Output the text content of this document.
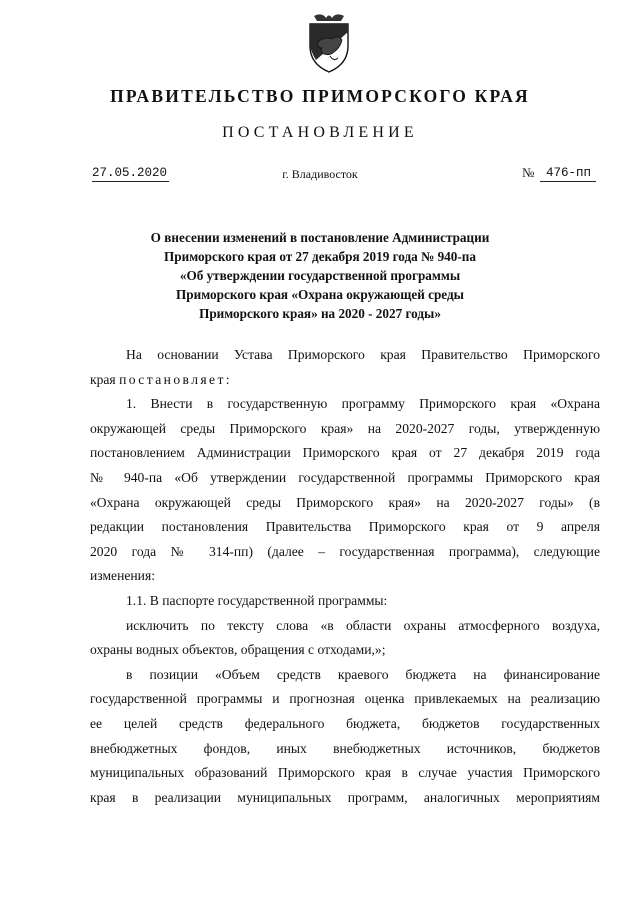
ПРАВИТЕЛЬСТВО ПРИМОРСКОГО КРАЯ
ПОСТАНОВЛЕНИЕ
27.05.2020	г. Владивосток	№ 476-пп
О внесении изменений в постановление Администрации
Приморского края от 27 декабря 2019 года № 940-па
«Об утверждении государственной программы
Приморского края «Охрана окружающей среды
Приморского края» на 2020 - 2027 годы»
На основании Устава Приморского края Правительство Приморского
края постановляет:
1. Внести в государственную программу Приморского края «Охрана
окружающей среды Приморского края» на 2020-2027 годы, утвержденную
постановлением Администрации Приморского края от 27 декабря 2019 года
№ 940-па «Об утверждении государственной программы Приморского края
«Охрана окружающей среды Приморского края» на 2020-2027 годы» (в
редакции постановления Правительства Приморского края от 9 апреля
2020 года № 314-пп) (далее – государственная программа), следующие
изменения:
1.1. В паспорте государственной программы:
исключить по тексту слова «в области охраны атмосферного воздуха,
охраны водных объектов, обращения с отходами,»;
в позиции «Объем средств краевого бюджета на финансирование
государственной программы и прогнозная оценка привлекаемых на реализацию
ее целей средств федерального бюджета, бюджетов государственных
внебюджетных фондов, иных внебюджетных источников, бюджетов
муниципальных образований Приморского края в случае участия Приморского
края в реализации муниципальных программ, аналогичных мероприятиям
